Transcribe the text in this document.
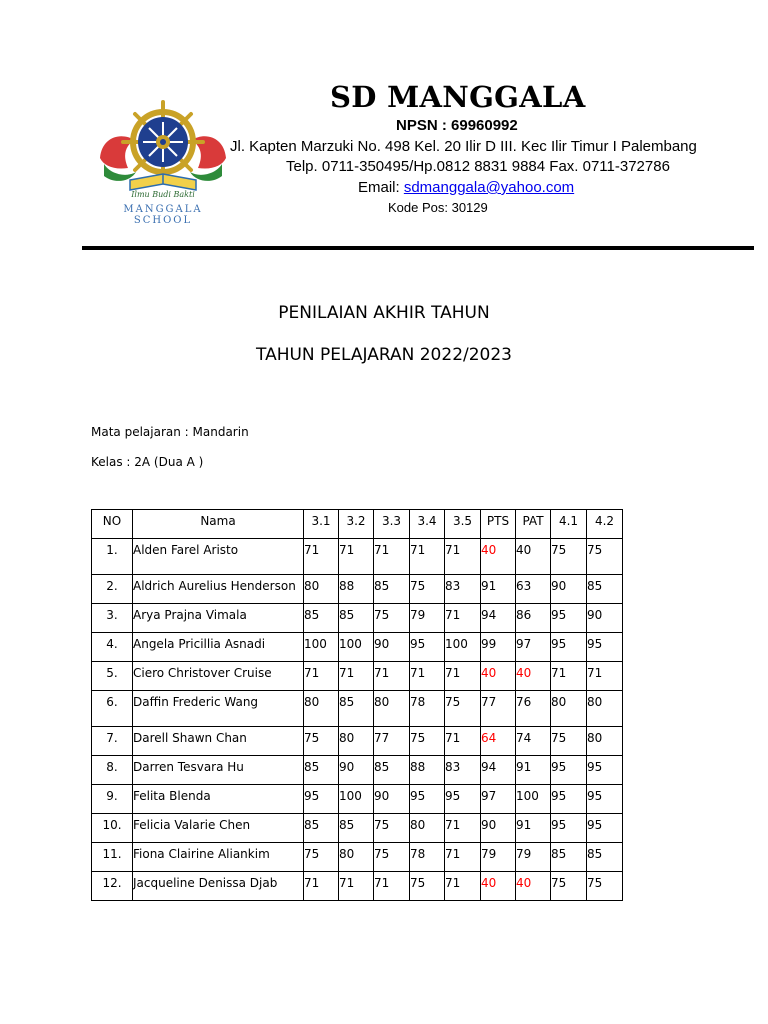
Ilmu Budi Bakti
MANGGALA SCHOOL
SD MANGGALA
NPSN : 69960992
Jl. Kapten Marzuki No. 498 Kel. 20 Ilir D III. Kec Ilir Timur I Palembang
Telp. 0711-350495/Hp.0812 8831 9884 Fax. 0711-372786
Email: sdmanggala@yahoo.com
Kode Pos: 30129
PENILAIAN AKHIR TAHUN
TAHUN PELAJARAN 2022/2023
Mata pelajaran : Mandarin
Kelas : 2A (Dua A )
NO	Nama	3.1	3.2	3.3	3.4	3.5	PTS	PAT	4.1	4.2
1.	Alden Farel Aristo	71	71	71	71	71	40	40	75	75
2.	Aldrich Aurelius Henderson	80	88	85	75	83	91	63	90	85
3.	Arya Prajna Vimala	85	85	75	79	71	94	86	95	90
4.	Angela Pricillia Asnadi	100	100	90	95	100	99	97	95	95
5.	Ciero Christover Cruise	71	71	71	71	71	40	40	71	71
6.	Daffin Frederic Wang	80	85	80	78	75	77	76	80	80
7.	Darell Shawn Chan	75	80	77	75	71	64	74	75	80
8.	Darren Tesvara Hu	85	90	85	88	83	94	91	95	95
9.	Felita Blenda	95	100	90	95	95	97	100	95	95
10.	Felicia Valarie Chen	85	85	75	80	71	90	91	95	95
11.	Fiona Clairine Aliankim	75	80	75	78	71	79	79	85	85
12.	Jacqueline Denissa Djab	71	71	71	75	71	40	40	75	75
